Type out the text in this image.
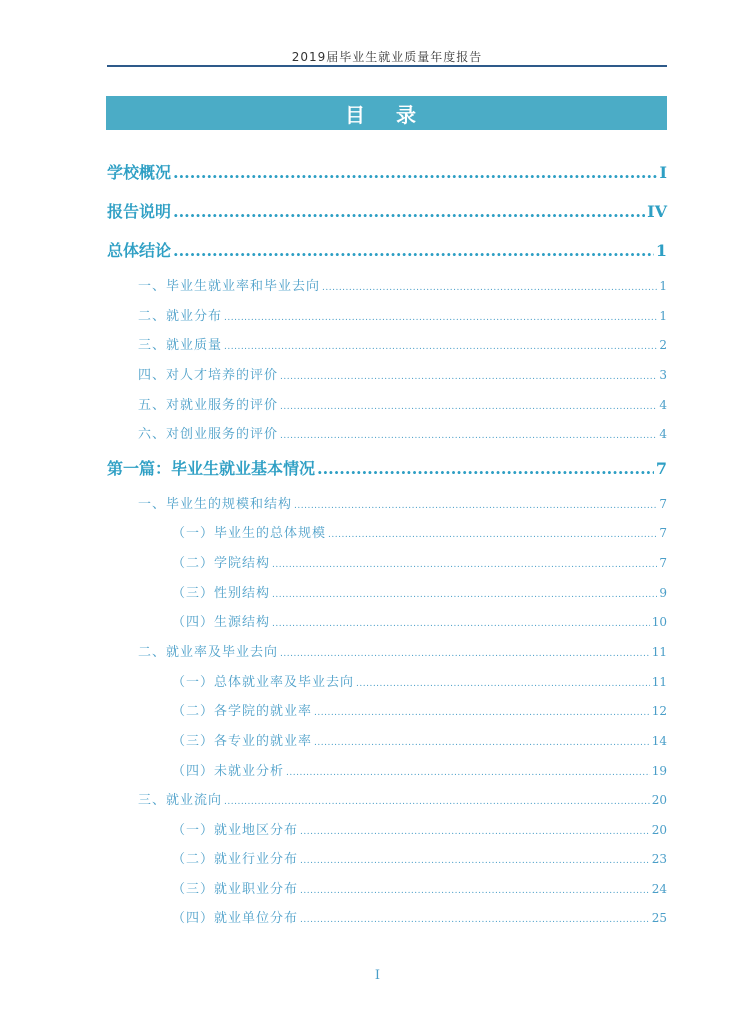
2019届毕业生就业质量年度报告
目 录
学校概况 .....	I
报告说明 .....	IV
总体结论 .....	1
一、毕业生就业率和毕业去向 .....	1
二、就业分布 .....	1
三、就业质量 .....	2
四、对人才培养的评价 .....	3
五、对就业服务的评价 .....	4
六、对创业服务的评价 .....	4
第一篇：毕业生就业基本情况 .....	7
一、毕业生的规模和结构 .....	7
（一）毕业生的总体规模 .....	7
（二）学院结构 .....	7
（三）性别结构 .....	9
（四）生源结构 .....	10
二、就业率及毕业去向 .....	11
（一）总体就业率及毕业去向 .....	11
（二）各学院的就业率 .....	12
（三）各专业的就业率 .....	14
（四）未就业分析 .....	19
三、就业流向 .....	20
（一）就业地区分布 .....	20
（二）就业行业分布 .....	23
（三）就业职业分布 .....	24
（四）就业单位分布 .....	25
I
